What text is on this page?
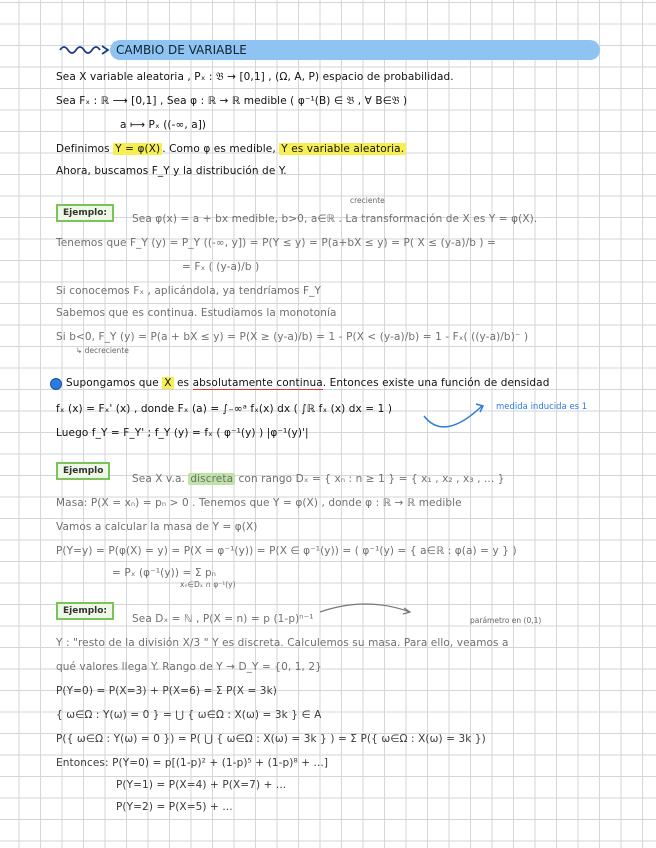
CAMBIO DE VARIABLE
Sea X variable aleatoria , Pₓ : 𝔅 → [0,1] , (Ω, A, P) espacio de probabilidad.
Sea Fₓ : ℝ ⟶ [0,1] , Sea φ : ℝ → ℝ medible ( φ⁻¹(B) ∈ 𝔅 , ∀ B∈𝔅 )
a ⟼ Pₓ ((-∞, a])
Definimos Y = φ(X) . Como φ es medible, Y es variable aleatoria.
Ahora, buscamos F_Y y la distribución de Y.
Ejemplo:
creciente
Sea φ(x) = a + bx medible, b>0, a∈ℝ . La transformación de X es Y = φ(X).
Tenemos que F_Y (y) = P_Y ((-∞, y]) = P(Y ≤ y) = P(a+bX ≤ y) = P( X ≤ (y-a)/b ) =
= Fₓ ( (y-a)/b )
Si conocemos Fₓ , aplicándola, ya tendríamos F_Y
Sabemos que es continua. Estudiamos la monotonía
Si b<0, F_Y (y) = P(a + bX ≤ y) = P(X ≥ (y-a)/b) = 1 - P(X < (y-a)/b) = 1 - Fₓ( ((y-a)/b)⁻ )
↳ decreciente
Supongamos que X es absolutamente continua. Entonces existe una función de densidad
fₓ (x) = Fₓ' (x) , donde Fₓ (a) = ∫₋∞ᵃ fₓ(x) dx ( ∫ℝ fₓ (x) dx = 1 )	medida inducida es 1
Luego f_Y = F_Y' ; f_Y (y) = fₓ ( φ⁻¹(y) ) |φ⁻¹(y)'|
Ejemplo
Sea X v.a. discreta con rango Dₓ = { xₙ : n ≥ 1 } = { x₁ , x₂ , x₃ , ... }
Masa: P(X = xₙ) = pₙ > 0 . Tenemos que Y = φ(X) , donde φ : ℝ → ℝ medible
Vamos a calcular la masa de Y = φ(X)
P(Y=y) = P(φ(X) = y) = P(X = φ⁻¹(y)) = P(X ∈ φ⁻¹(y)) = ( φ⁻¹(y) = { a∈ℝ : φ(a) = y } )
= Pₓ (φ⁻¹(y)) = Σ pₙ
xₙ∈Dₓ ∩ φ⁻¹(y)
Ejemplo:
Sea Dₓ = ℕ , P(X = n) = p (1-p)ⁿ⁻¹	parámetro en (0,1)
Y : "resto de la división X/3 " Y es discreta. Calculemos su masa. Para ello, veamos a
qué valores llega Y. Rango de Y → D_Y = {0, 1, 2}
P(Y=0) = P(X=3) + P(X=6) = Σ P(X = 3k)
{ ω∈Ω : Y(ω) = 0 } = ⋃ { ω∈Ω : X(ω) = 3k } ∈ A
P({ ω∈Ω : Y(ω) = 0 }) = P( ⋃ { ω∈Ω : X(ω) = 3k } ) = Σ P({ ω∈Ω : X(ω) = 3k })
Entonces: P(Y=0) = p[(1-p)² + (1-p)⁵ + (1-p)⁸ + ...]
P(Y=1) = P(X=4) + P(X=7) + ...
P(Y=2) = P(X=5) + ...
